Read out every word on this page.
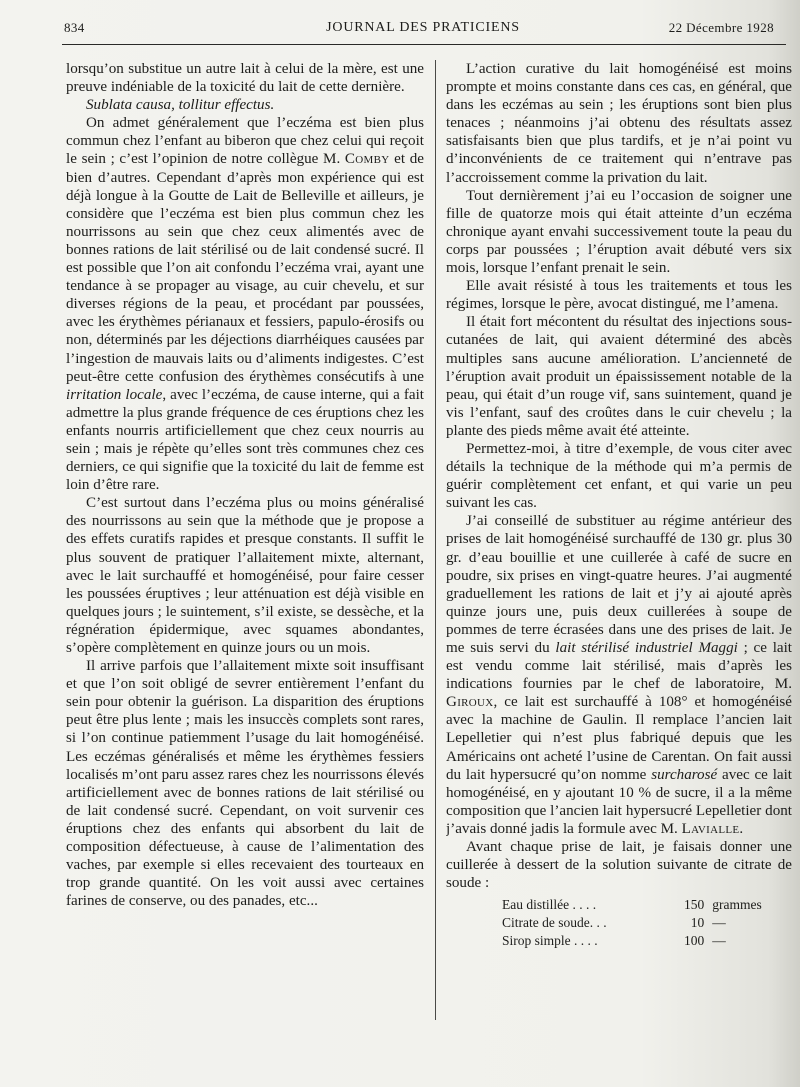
834	JOURNAL DES PRATICIENS	22 Décembre 1928

lorsqu’on substitue un autre lait à celui de la mère, est une preuve indéniable de la toxicité du lait de cette dernière.

Sublata causa, tollitur effectus.

On admet généralement que l’eczéma est bien plus commun chez l’enfant au biberon que chez celui qui reçoit le sein ; c’est l’opinion de notre collègue M. Comby et de bien d’autres. Cependant d’après mon expérience qui est déjà longue à la Goutte de Lait de Belleville et ailleurs, je considère que l’eczéma est bien plus commun chez les nourrissons au sein que chez ceux alimentés avec de bonnes rations de lait stérilisé ou de lait condensé sucré. Il est possible que l’on ait confondu l’eczéma vrai, ayant une tendance à se propager au visage, au cuir chevelu, et sur diverses régions de la peau, et procédant par poussées, avec les érythèmes périanaux et fessiers, papulo-érosifs ou non, déterminés par les déjections diarrhéiques causées par l’ingestion de mauvais laits ou d’aliments indigestes. C’est peut-être cette confusion des érythèmes consécutifs à une irritation locale, avec l’eczéma, de cause interne, qui a fait admettre la plus grande fréquence de ces éruptions chez les enfants nourris artificiellement que chez ceux nourris au sein ; mais je répète qu’elles sont très communes chez ces derniers, ce qui signifie que la toxicité du lait de femme est loin d’être rare.

C’est surtout dans l’eczéma plus ou moins généralisé des nourrissons au sein que la méthode que je propose a des effets curatifs rapides et presque constants. Il suffit le plus souvent de pratiquer l’allaitement mixte, alternant, avec le lait surchauffé et homogénéisé, pour faire cesser les poussées éruptives ; leur atténuation est déjà visible en quelques jours ; le suintement, s’il existe, se dessèche, et la régnération épidermique, avec squames abondantes, s’opère complètement en quinze jours ou un mois.

Il arrive parfois que l’allaitement mixte soit insuffisant et que l’on soit obligé de sevrer entièrement l’enfant du sein pour obtenir la guérison. La disparition des éruptions peut être plus lente ; mais les insuccès complets sont rares, si l’on continue patiemment l’usage du lait homogénéisé. Les eczémas généralisés et même les érythèmes fessiers localisés m’ont paru assez rares chez les nourrissons élevés artificiellement avec de bonnes rations de lait stérilisé ou de lait condensé sucré. Cependant, on voit survenir ces éruptions chez des enfants qui absorbent du lait de composition défectueuse, à cause de l’alimentation des vaches, par exemple si elles recevaient des tourteaux en trop grande quantité. On les voit aussi avec certaines farines de conserve, ou des panades, etc...

L’action curative du lait homogénéisé est moins prompte et moins constante dans ces cas, en général, que dans les eczémas au sein ; les éruptions sont bien plus tenaces ; néanmoins j’ai obtenu des résultats assez satisfaisants bien que plus tardifs, et je n’ai point vu d’inconvénients de ce traitement qui n’entrave pas l’accroissement comme la privation du lait.

Tout dernièrement j’ai eu l’occasion de soigner une fille de quatorze mois qui était atteinte d’un eczéma chronique ayant envahi successivement toute la peau du corps par poussées ; l’éruption avait débuté vers six mois, lorsque l’enfant prenait le sein.

Elle avait résisté à tous les traitements et tous les régimes, lorsque le père, avocat distingué, me l’amena.

Il était fort mécontent du résultat des injections sous-cutanées de lait, qui avaient déterminé des abcès multiples sans aucune amélioration. L’ancienneté de l’éruption avait produit un épaississement notable de la peau, qui était d’un rouge vif, sans suintement, quand je vis l’enfant, sauf des croûtes dans le cuir chevelu ; la plante des pieds même avait été atteinte.

Permettez-moi, à titre d’exemple, de vous citer avec détails la technique de la méthode qui m’a permis de guérir complètement cet enfant, et qui varie un peu suivant les cas.

J’ai conseillé de substituer au régime antérieur des prises de lait homogénéisé surchauffé de 130 gr. plus 30 gr. d’eau bouillie et une cuillerée à café de sucre en poudre, six prises en vingt-quatre heures. J’ai augmenté graduellement les rations de lait et j’y ai ajouté après quinze jours une, puis deux cuillerées à soupe de pommes de terre écrasées dans une des prises de lait. Je me suis servi du lait stérilisé industriel Maggi ; ce lait est vendu comme lait stérilisé, mais d’après les indications fournies par le chef de laboratoire, M. Giroux, ce lait est surchauffé à 108° et homogénéisé avec la machine de Gaulin. Il remplace l’ancien lait Lepelletier qui n’est plus fabriqué depuis que les Américains ont acheté l’usine de Carentan. On fait aussi du lait hypersucré qu’on nomme surcharosé avec ce lait homogénéisé, en y ajoutant 10 % de sucre, il a la même composition que l’ancien lait hypersucré Lepelletier dont j’avais donné jadis la formule avec M. Lavialle.

Avant chaque prise de lait, je faisais donner une cuillerée à dessert de la solution suivante de citrate de soude :

Eau distillée . . . .	150 grammes
Citrate de soude. . .	10 —
Sirop simple . . . .	100 —
